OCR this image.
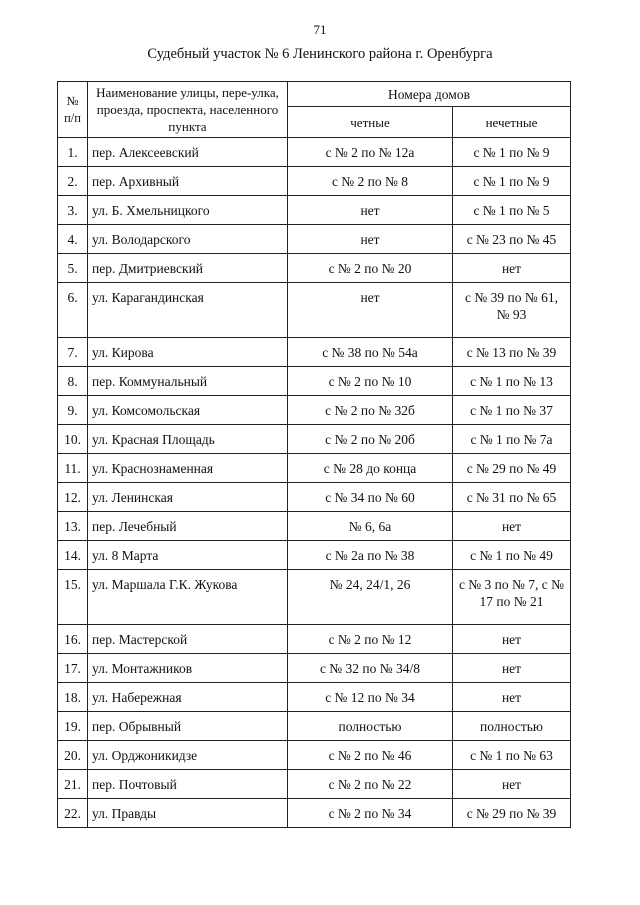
71
Судебный участок № 6 Ленинского района г. Оренбурга
№ п/п	Наименование улицы, пере-улка, проезда, проспекта, населенного пункта	Номера домов	
		четные	нечетные
1.	пер. Алексеевский	с № 2 по № 12а	с № 1 по № 9
2.	пер. Архивный	с № 2 по № 8	с № 1 по № 9
3.	ул. Б. Хмельницкого	нет	с № 1 по № 5
4.	ул. Володарского	нет	с № 23 по № 45
5.	пер. Дмитриевский	с № 2 по № 20	нет
6.	ул. Карагандинская	нет	с № 39 по № 61, № 93
7.	ул. Кирова	с № 38 по № 54а	с № 13 по № 39
8.	пер. Коммунальный	с № 2 по № 10	с № 1 по № 13
9.	ул. Комсомольская	с № 2 по № 32б	с № 1 по № 37
10.	ул. Красная Площадь	с № 2 по № 20б	с № 1 по № 7а
11.	ул. Краснознаменная	с № 28 до конца	с № 29 по № 49
12.	ул. Ленинская	с № 34 по № 60	с № 31 по № 65
13.	пер. Лечебный	№ 6, 6а	нет
14.	ул. 8 Марта	с № 2а по № 38	с № 1 по № 49
15.	ул. Маршала Г.К. Жукова	№ 24, 24/1, 26	с № 3 по № 7, с № 17 по № 21
16.	пер. Мастерской	с № 2 по № 12	нет
17.	ул. Монтажников	с № 32 по № 34/8	нет
18.	ул. Набережная	с № 12 по № 34	нет
19.	пер. Обрывный	полностью	полностью
20.	ул. Орджоникидзе	с № 2 по № 46	с № 1 по № 63
21.	пер. Почтовый	с № 2 по № 22	нет
22.	ул. Правды	с № 2 по № 34	с № 29 по № 39
